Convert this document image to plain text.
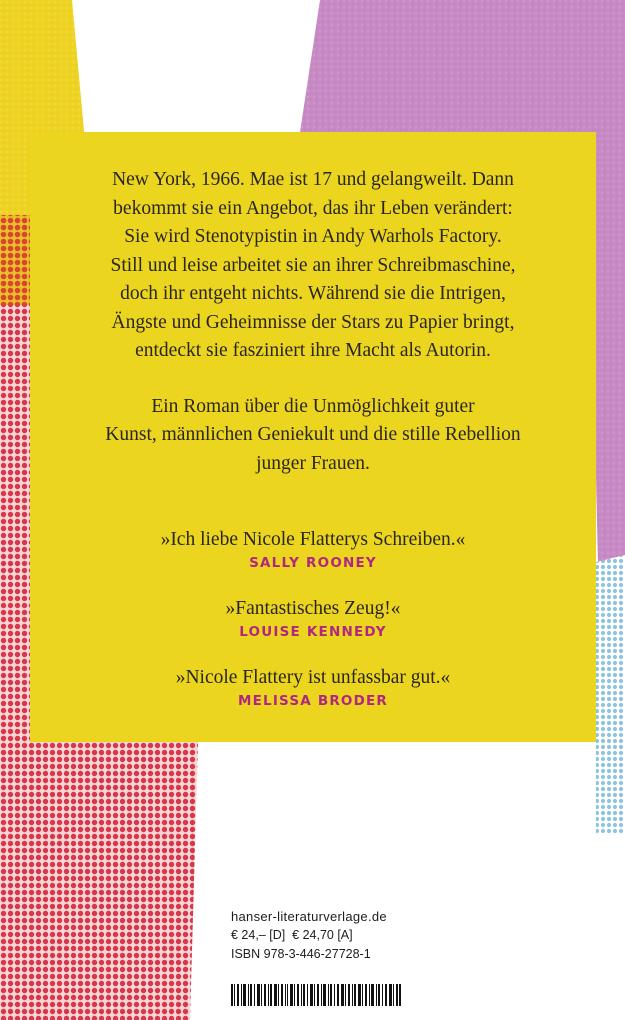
New York, 1966. Mae ist 17 und gelangweilt. Dann
bekommt sie ein Angebot, das ihr Leben verändert:
Sie wird Stenotypistin in Andy Warhols Factory.
Still und leise arbeitet sie an ihrer Schreibmaschine,
doch ihr entgeht nichts. Während sie die Intrigen,
Ängste und Geheimnisse der Stars zu Papier bringt,
entdeckt sie fasziniert ihre Macht als Autorin.

Ein Roman über die Unmöglichkeit guter
Kunst, männlichen Geniekult und die stille Rebellion
junger Frauen.

»Ich liebe Nicole Flatterys Schreiben.«
SALLY ROONEY
»Fantastisches Zeug!«
LOUISE KENNEDY
»Nicole Flattery ist unfassbar gut.«
MELISSA BRODER
hanser-literaturverlage.de
€ 24,– [D]  € 24,70 [A]
ISBN 978-3-446-27728-1
